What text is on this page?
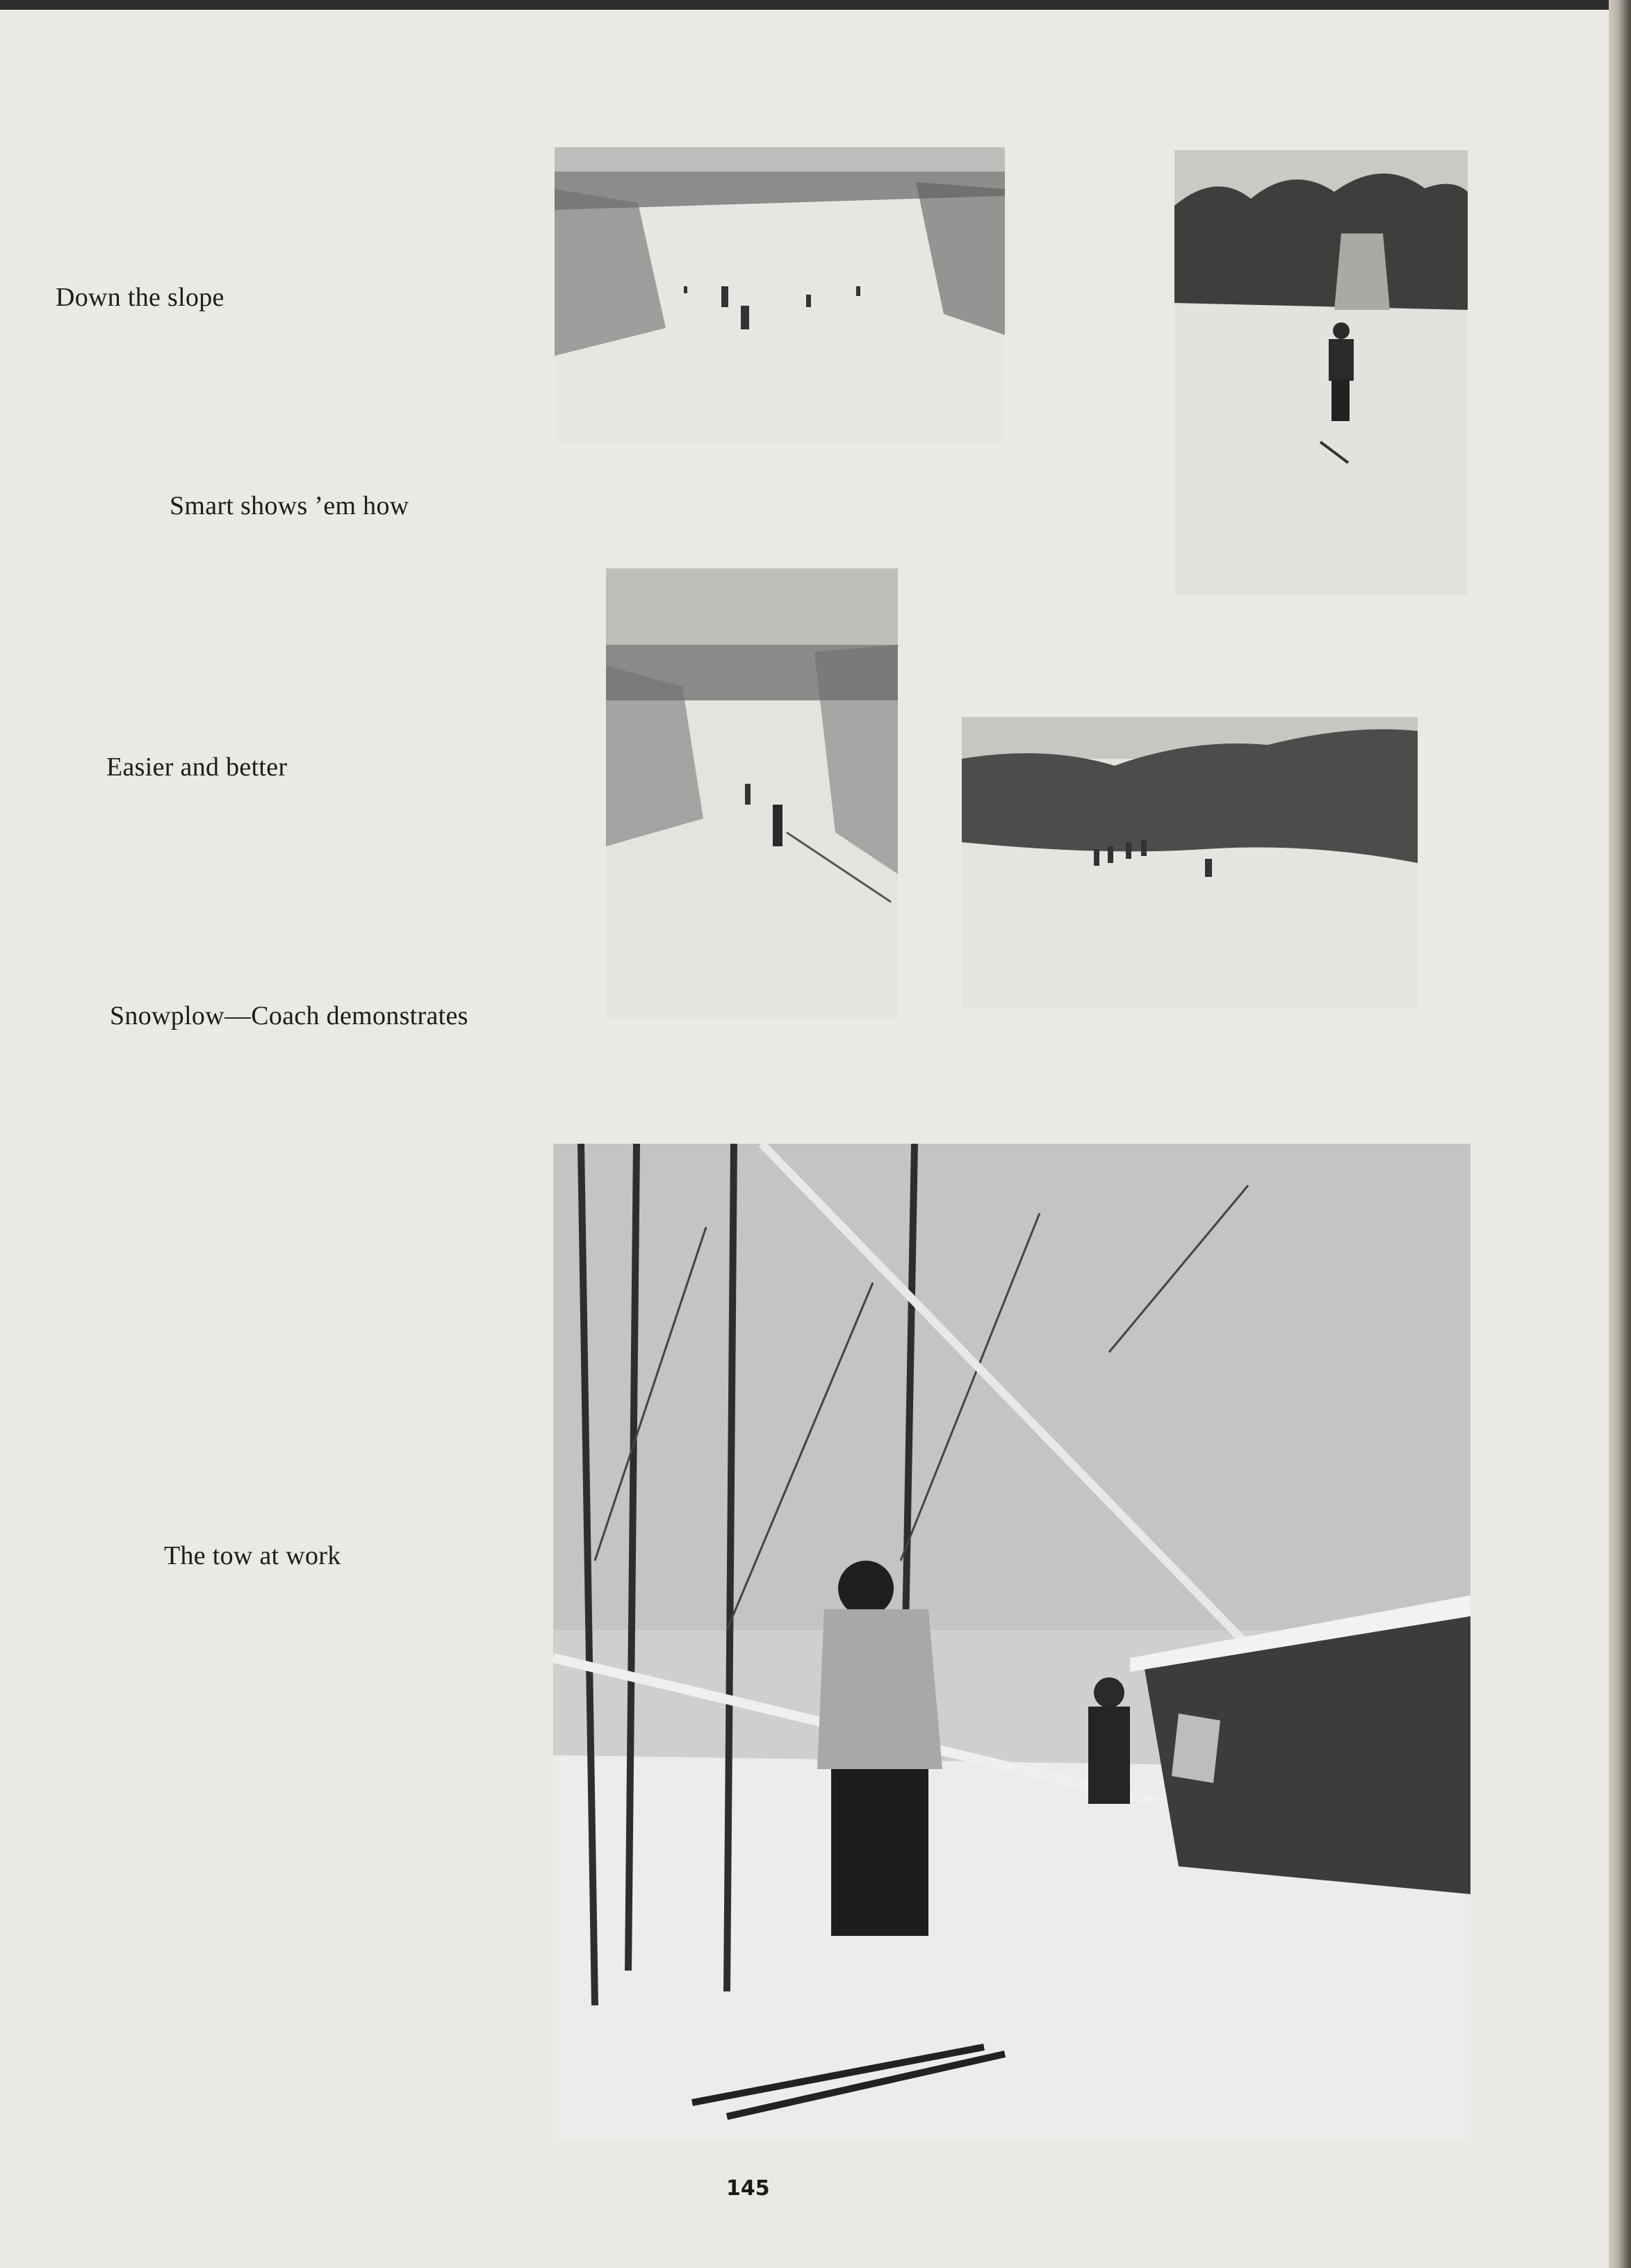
Down the slope
Smart shows ’em how
Easier and better
Snowplow—Coach demonstrates
The tow at work
145
